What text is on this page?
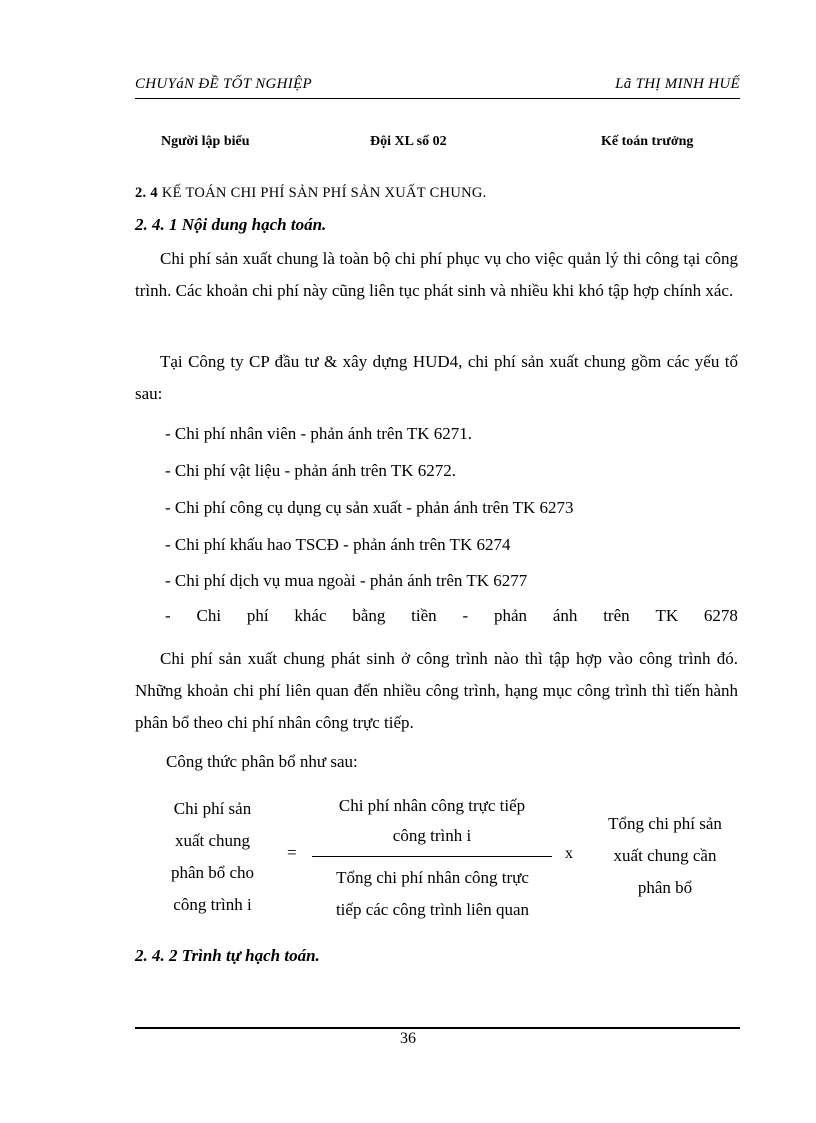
CHUYáN ĐỀ TỐT NGHIỆP	Lã THỊ MINH HUẾ
Người lập biểu	Đội XL số 02	Kế toán trưởng
2. 4 KẾ TOÁN CHI PHÍ SẢN PHÍ SẢN XUẤT CHUNG.
2. 4. 1 Nội dung hạch toán.
Chi phí sản xuất chung là toàn bộ chi phí phục vụ cho việc quản lý thi công tại công trình. Các khoản chi phí này cũng liên tục phát sinh và nhiều khi khó tập hợp chính xác.
Tại Công ty CP đầu tư & xây dựng HUD4, chi phí sản xuất chung gồm các yếu tố sau:
- Chi phí nhân viên - phản ánh trên TK 6271.
- Chi phí vật liệu - phản ánh trên TK 6272.
- Chi phí công cụ dụng cụ sản xuất - phản ánh trên TK 6273
- Chi phí khấu hao TSCĐ - phản ánh trên TK 6274
- Chi phí dịch vụ mua ngoài - phản ánh trên TK 6277
- Chi phí khác bằng tiền - phản ánh trên TK 6278
Chi phí sản xuất chung phát sinh ở công trình nào thì tập hợp vào công trình đó. Những khoản chi phí liên quan đến nhiều công trình, hạng mục công trình thì tiến hành phân bổ theo chi phí nhân công trực tiếp.
Công thức phân bổ như sau:
Chi phí sản
xuất chung
phân bổ cho
công trình i
=
Chi phí nhân công trực tiếp
công trình i
Tổng chi phí nhân công trực
tiếp các công trình liên quan
x
Tổng chi phí sản
xuất chung cần
phân bổ
2. 4. 2 Trình tự hạch toán.
36
